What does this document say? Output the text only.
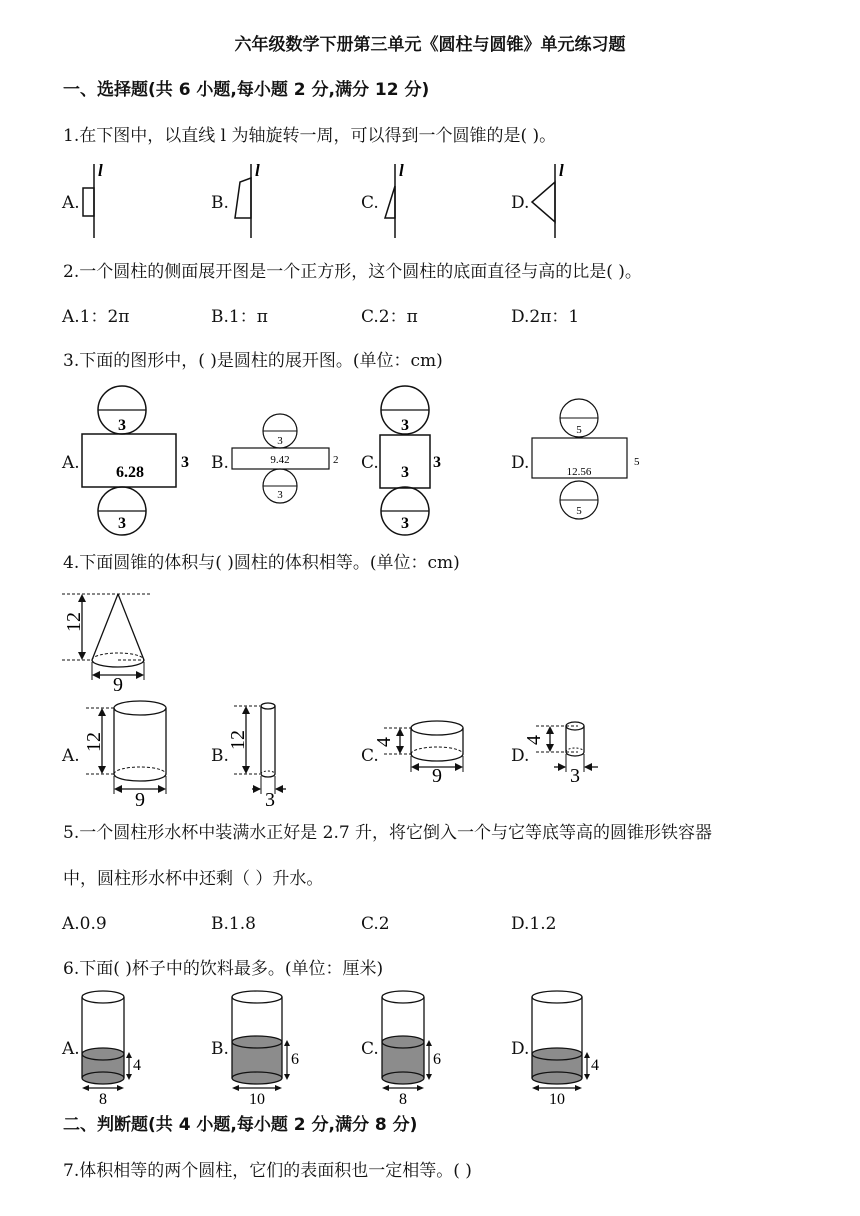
六年级数学下册第三单元《圆柱与圆锥》单元练习题
一、选择题(共 6 小题,每小题 2 分,满分 12 分)
1.在下图中，以直线 l 为轴旋转一周，可以得到一个圆锥的是( )。
A.	B.	C.	D.
l	l	l	l
2.一个圆柱的侧面展开图是一个正方形，这个圆柱的底面直径与高的比是( )。
A.1：2π	B.1：π	C.2：π	D.2π：1
3.下面的图形中，( )是圆柱的展开图。(单位：cm)
A.	B.	C.	D.
3
6.28
3
3
3
9.42	2
3
3
3
3
3
5
12.56
5
5
4.下面圆锥的体积与( )圆柱的体积相等。(单位：cm)
12
9
A.	B.	C.	D.
12
9
12
3
4
9
4
3
5.一个圆柱形水杯中装满水正好是 2.7 升，将它倒入一个与它等底等高的圆锥形铁容器
中，圆柱形水杯中还剩（ ）升水。
A.0.9	B.1.8	C.2	D.1.2
6.下面( )杯子中的饮料最多。(单位：厘米)
A.	B.	C.	D.
4
8
6
10
6
8
4
10
二、判断题(共 4 小题,每小题 2 分,满分 8 分)
7.体积相等的两个圆柱，它们的表面积也一定相等。( )
